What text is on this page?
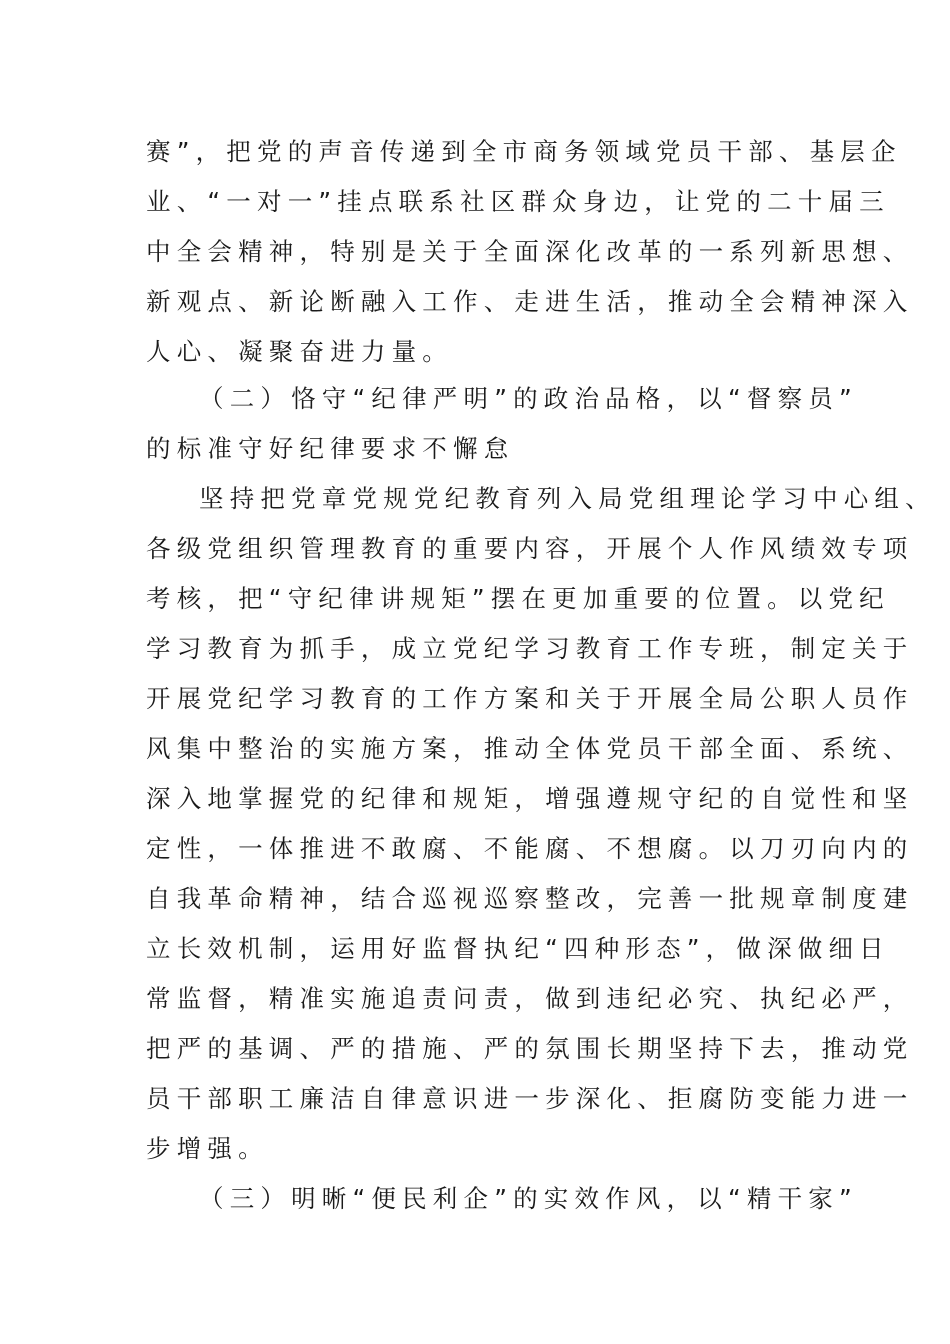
赛”，把党的声音传递到全市商务领域党员干部、基层企
业、“一对一”挂点联系社区群众身边，让党的二十届三
中全会精神，特别是关于全面深化改革的一系列新思想、
新观点、新论断融入工作、走进生活，推动全会精神深入
人心、凝聚奋进力量。
（二）恪守“纪律严明”的政治品格，以“督察员”
的标准守好纪律要求不懈怠
坚持把党章党规党纪教育列入局党组理论学习中心组、
各级党组织管理教育的重要内容，开展个人作风绩效专项
考核，把“守纪律讲规矩”摆在更加重要的位置。以党纪
学习教育为抓手，成立党纪学习教育工作专班，制定关于
开展党纪学习教育的工作方案和关于开展全局公职人员作
风集中整治的实施方案，推动全体党员干部全面、系统、
深入地掌握党的纪律和规矩，增强遵规守纪的自觉性和坚
定性，一体推进不敢腐、不能腐、不想腐。以刀刃向内的
自我革命精神，结合巡视巡察整改，完善一批规章制度建
立长效机制，运用好监督执纪“四种形态”，做深做细日
常监督，精准实施追责问责，做到违纪必究、执纪必严，
把严的基调、严的措施、严的氛围长期坚持下去，推动党
员干部职工廉洁自律意识进一步深化、拒腐防变能力进一
步增强。
（三）明晰“便民利企”的实效作风，以“精干家”
